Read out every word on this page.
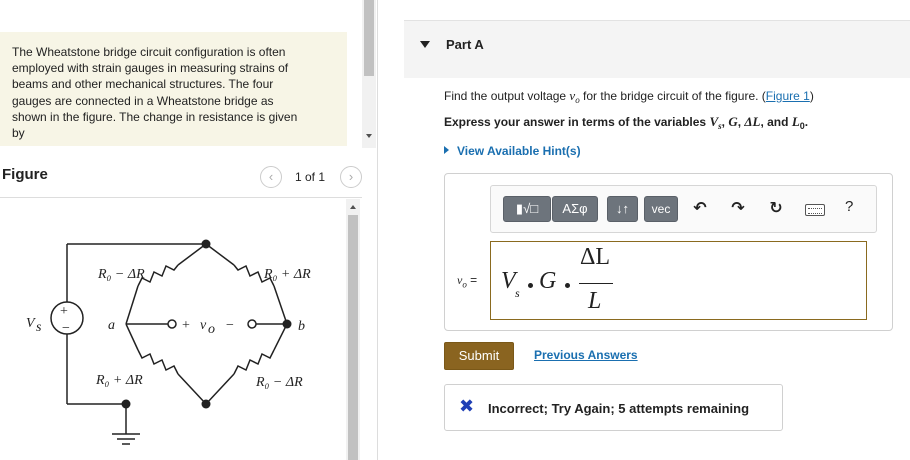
The Wheatstone bridge circuit configuration is often
employed with strain gauges in measuring strains of
beams and other mechanical structures. The four
gauges are connected in a Wheatstone bridge as
shown in the figure. The change in resistance is given
by
Figure	‹	1 of 1	›
+
−
V s
R₀ − ΔR	R₀ + ΔR
R₀ + ΔR	R₀ − ΔR
a	b
+ v o −
Part A
Find the output voltage $v_o$ for the bridge circuit of the figure. (Figure 1)
Express your answer in terms of the variables $V_s$, G, ΔL, and $L_0$.
View Available Hint(s)
▮√□	ΑΣφ	↓↑	vec	↶ ↷ ↻	?
$v_o = V$ s G
ΔL
L
Submit	Previous Answers
✖ Incorrect; Try Again; 5 attempts remaining
